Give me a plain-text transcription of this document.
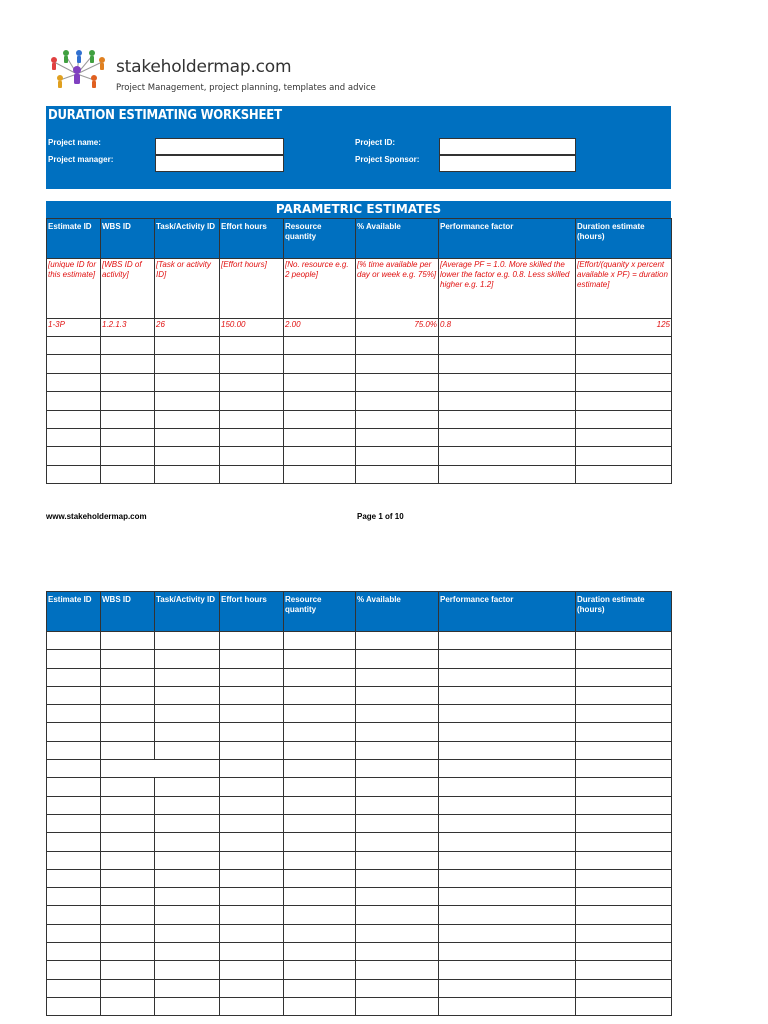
stakeholdermap.com
Project Management, project planning, templates and advice
DURATION ESTIMATING WORKSHEET
Project name:
Project manager:
Project ID:
Project Sponsor:
PARAMETRIC ESTIMATES
Estimate ID	WBS ID	Task/Activity ID	Effort hours	Resource quantity	% Available	Performance factor	Duration estimate (hours)
[unique ID for this estimate]	[WBS ID of activity]	[Task or activity ID]	[Effort hours]	[No. resource e.g. 2 people]	[% time available per day or week e.g. 75%]	[Average PF = 1.0. More skilled the lower the factor e.g. 0.8. Less skilled higher e.g. 1.2]	[Effort/(quanity x percent available x PF) = duration estimate]
1-3P	1.2.1.3	26	150.00	2.00	75.0%	0.8	125

www.stakeholdermap.com	Page 1 of 10
Estimate ID	WBS ID	Task/Activity ID	Effort hours	Resource quantity	% Available	Performance factor	Duration estimate (hours)
